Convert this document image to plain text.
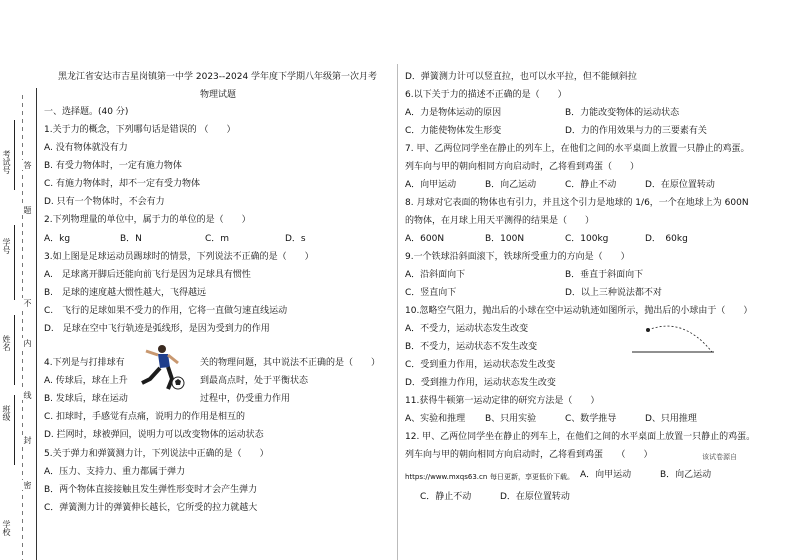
考试号
学号
姓名
班级
学校
答
题
不
内
线
封
密
黑龙江省安达市吉星岗镇第一中学 2023--2024 学年度下学期八年级第一次月考
物理试题
一、选择题。(40 分)
1.关于力的概念，下列哪句话是错误的 （　　）
A. 没有物体就没有力
B. 有受力物体时，一定有施力物体
C. 有施力物体时，却不一定有受力物体
D. 只有一个物体时，不会有力
2.下列物理量的单位中，属于力的单位的是（　　）
A．kg	B．N	C．m	D．s
3.如上图是足球运动员踢球时的情景，下列说法不正确的是（　　）
A.　足球离开脚后还能向前飞行是因为足球具有惯性
B.　足球的速度越大惯性越大，飞得越远
C.　飞行的足球如果不受力的作用，它将一直做匀速直线运动
D.　足球在空中飞行轨迹是弧线形，是因为受到力的作用
4.下列是与打排球有	关的物理问题，其中说法不正确的是（　　）
A. 传球后，球在上升	到最高点时，处于平衡状态
B. 发球后，球在运动	过程中，仍受重力作用
C. 扣球时，手感觉有点痛，说明力的作用是相互的
D. 拦网时，球被弹回，说明力可以改变物体的运动状态
5.关于弹力和弹簧测力计，下列说法中正确的是（　　）
A．压力、支持力、重力都属于弹力
B．两个物体直接接触且发生弹性形变时才会产生弹力
C．弹簧测力计的弹簧伸长越长，它所受的拉力就越大
D．弹簧测力计可以竖直拉，也可以水平拉，但不能倾斜拉
6.以下关于力的描述不正确的是（　　）
A．力是物体运动的原因	B．力能改变物体的运动状态
C．力能使物体发生形变	D．力的作用效果与力的三要素有关
7. 甲、乙两位同学坐在静止的列车上，在他们之间的水平桌面上放置一只静止的鸡蛋。
列车向与甲的朝向相同方向启动时，乙将看到鸡蛋（　　）
A．向甲运动	B．向乙运动	C．静止不动	D．在原位置转动
8. 月球对它表面的物体也有引力，并且这个引力是地球的 1/6，一个在地球上为 600N
的物体，在月球上用天平测得的结果是（　　）
A．600N	B．100N	C．100kg	D．　60kg
9.一个铁球沿斜面滚下，铁球所受重力的方向是（　　）
A．沿斜面向下	B．垂直于斜面向下
C．竖直向下	D．以上三种说法都不对
10.忽略空气阻力，抛出后的小球在空中运动轨迹如图所示，抛出后的小球由于（　　）
A．不受力，运动状态发生改变
B．不受力，运动状态不发生改变
C．受到重力作用，运动状态发生改变
D．受到推力作用，运动状态发生改变
11.获得牛顿第一运动定律的研究方法是（　　）
A、实验和推理 B、只用实验	C、数学推导	D、只用推理
12. 甲、乙两位同学坐在静止的列车上，在他们之间的水平桌面上放置一只静止的鸡蛋。
列车向与甲的朝向相同方向启动时，乙将看到鸡蛋　　（　　）	该试卷源自
https://www.mxqs63.cn 每日更新，享更低价下载。 A．向甲运动	B．向乙运动
C．静止不动	D．在原位置转动
